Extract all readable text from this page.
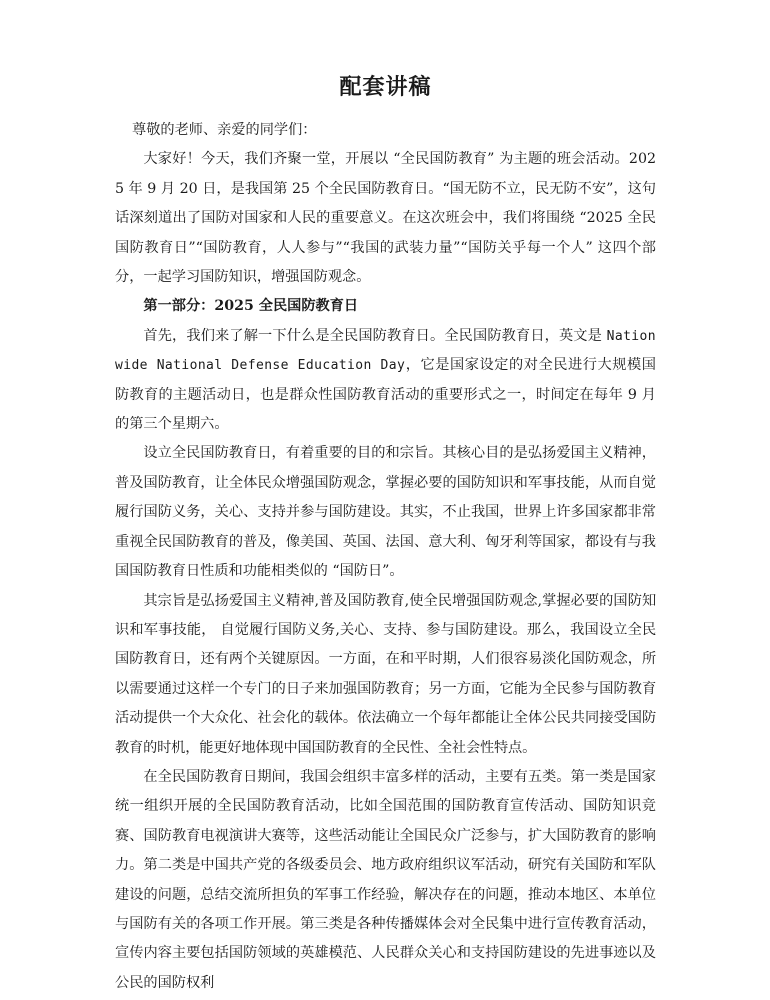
配套讲稿

尊敬的老师、亲爱的同学们：

大家好！今天，我们齐聚一堂，开展以 “全民国防教育” 为主题的班会活动。2025 年 9 月 20 日，是我国第 25 个全民国防教育日。“国无防不立，民无防不安”，这句话深刻道出了国防对国家和人民的重要意义。在这次班会中，我们将围绕 “2025 全民国防教育日”“国防教育，人人参与”“我国的武装力量”“国防关乎每一个人” 这四个部分，一起学习国防知识，增强国防观念。

第一部分：2025 全民国防教育日

首先，我们来了解一下什么是全民国防教育日。全民国防教育日，英文是 Nationwide National Defense Education Day，它是国家设定的对全民进行大规模国防教育的主题活动日，也是群众性国防教育活动的重要形式之一，时间定在每年 9 月的第三个星期六。

设立全民国防教育日，有着重要的目的和宗旨。其核心目的是弘扬爱国主义精神，普及国防教育，让全体民众增强国防观念，掌握必要的国防知识和军事技能，从而自觉履行国防义务，关心、支持并参与国防建设。其实，不止我国，世界上许多国家都非常重视全民国防教育的普及，像美国、英国、法国、意大利、匈牙利等国家，都设有与我国国防教育日性质和功能相类似的 “国防日”。

其宗旨是弘扬爱国主义精神,普及国防教育,使全民增强国防观念,掌握必要的国防知识和军事技能， 自觉履行国防义务,关心、支持、参与国防建设。那么，我国设立全民国防教育日，还有两个关键原因。一方面，在和平时期，人们很容易淡化国防观念，所以需要通过这样一个专门的日子来加强国防教育；另一方面，它能为全民参与国防教育活动提供一个大众化、社会化的载体。依法确立一个每年都能让全体公民共同接受国防教育的时机，能更好地体现中国国防教育的全民性、全社会性特点。

在全民国防教育日期间，我国会组织丰富多样的活动，主要有五类。第一类是国家统一组织开展的全民国防教育活动，比如全国范围的国防教育宣传活动、国防知识竞赛、国防教育电视演讲大赛等，这些活动能让全国民众广泛参与，扩大国防教育的影响力。第二类是中国共产党的各级委员会、地方政府组织议军活动，研究有关国防和军队建设的问题，总结交流所担负的军事工作经验，解决存在的问题，推动本地区、本单位与国防有关的各项工作开展。第三类是各种传播媒体会对全民集中进行宣传教育活动，宣传内容主要包括国防领域的英雄模范、人民群众关心和支持国防建设的先进事迹以及公民的国防权利
